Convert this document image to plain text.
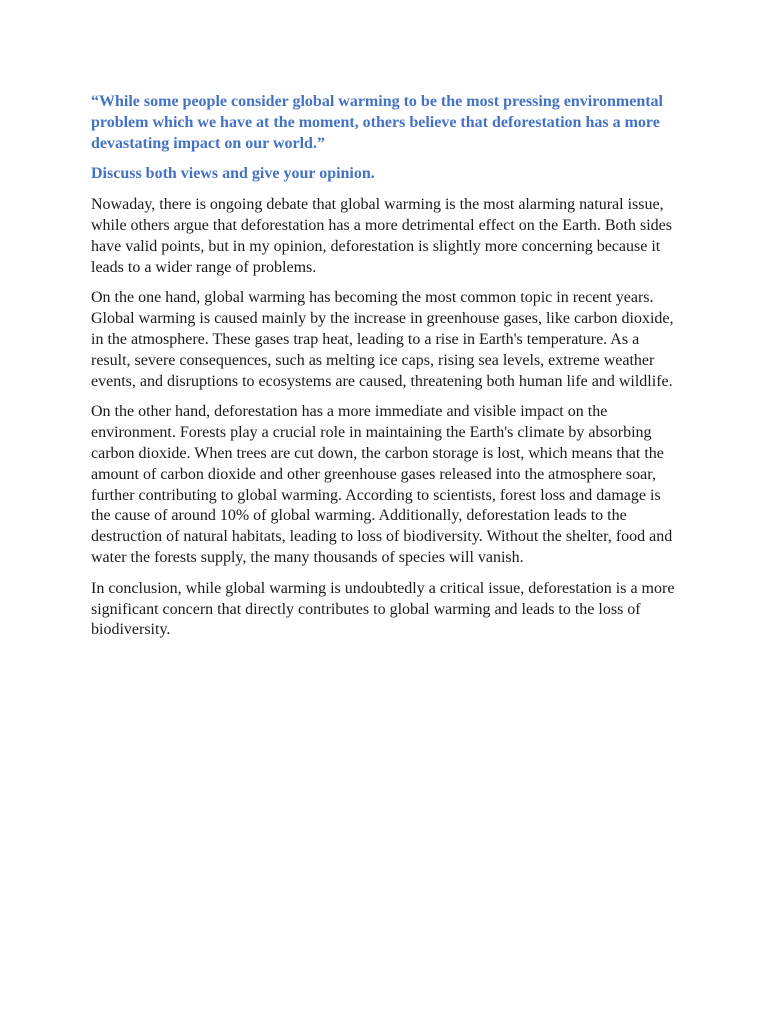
“While some people consider global warming to be the most pressing environmental problem which we have at the moment, others believe that deforestation has a more devastating impact on our world.”

Discuss both views and give your opinion.

Nowaday, there is ongoing debate that global warming is the most alarming natural issue, while others argue that deforestation has a more detrimental effect on the Earth. Both sides have valid points, but in my opinion, deforestation is slightly more concerning because it leads to a wider range of problems.

On the one hand, global warming has becoming the most common topic in recent years. Global warming is caused mainly by the increase in greenhouse gases, like carbon dioxide, in the atmosphere. These gases trap heat, leading to a rise in Earth's temperature. As a result, severe consequences, such as melting ice caps, rising sea levels, extreme weather events, and disruptions to ecosystems are caused, threatening both human life and wildlife.

On the other hand, deforestation has a more immediate and visible impact on the environment. Forests play a crucial role in maintaining the Earth's climate by absorbing carbon dioxide. When trees are cut down, the carbon storage is lost, which means that the amount of carbon dioxide and other greenhouse gases released into the atmosphere soar, further contributing to global warming. According to scientists, forest loss and damage is the cause of around 10% of global warming. Additionally, deforestation leads to the destruction of natural habitats, leading to loss of biodiversity. Without the shelter, food and water the forests supply, the many thousands of species will vanish.

In conclusion, while global warming is undoubtedly a critical issue, deforestation is a more significant concern that directly contributes to global warming and leads to the loss of biodiversity.
